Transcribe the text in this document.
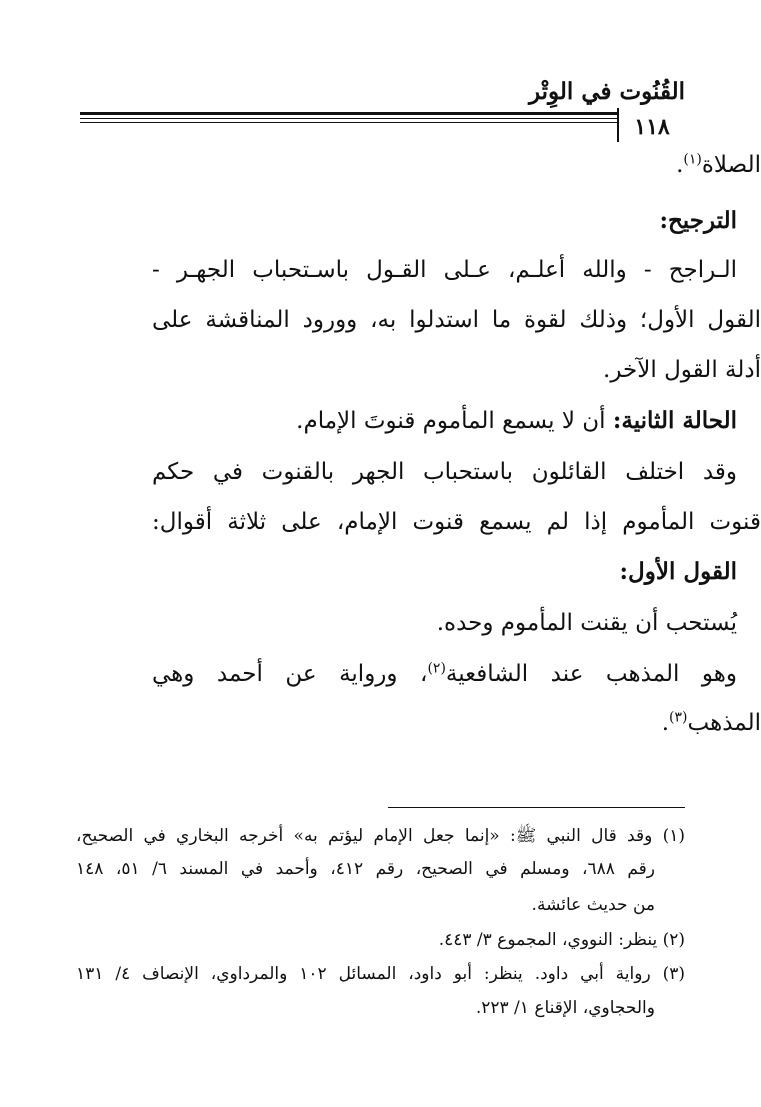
القُنُوت في الوِتْر
١١٨
الصلاة$^{(١)}$.
الترجيح:
الـراجح - والله أعلـم، عـلى القـول باسـتحباب الجهـر -
القول الأول؛ وذلك لقوة ما استدلوا به، وورود المناقشة على
أدلة القول الآخر.
الحالة الثانية: أن لا يسمع المأموم قنوتَ الإمام.
وقد اختلف القائلون باستحباب الجهر بالقنوت في حكم
قنوت المأموم إذا لم يسمع قنوت الإمام، على ثلاثة أقوال:
القول الأول:
يُستحب أن يقنت المأموم وحده.
وهو المذهب عند الشافعية$^{(٢)}$، ورواية عن أحمد وهي
المذهب$^{(٣)}$.
(١) وقد قال النبي ﷺ: «إنما جعل الإمام ليؤتم به» أخرجه البخاري في الصحيح،
رقم ٦٨٨، ومسلم في الصحيح، رقم ٤١٢، وأحمد في المسند ٦/ ٥١، ١٤٨
من حديث عائشة.
(٢) ينظر: النووي، المجموع ٣/ ٤٤٣.
(٣) رواية أبي داود. ينظر: أبو داود، المسائل ١٠٢ والمرداوي، الإنصاف ٤/ ١٣١
والحجاوي، الإقناع ١/ ٢٢٣.
